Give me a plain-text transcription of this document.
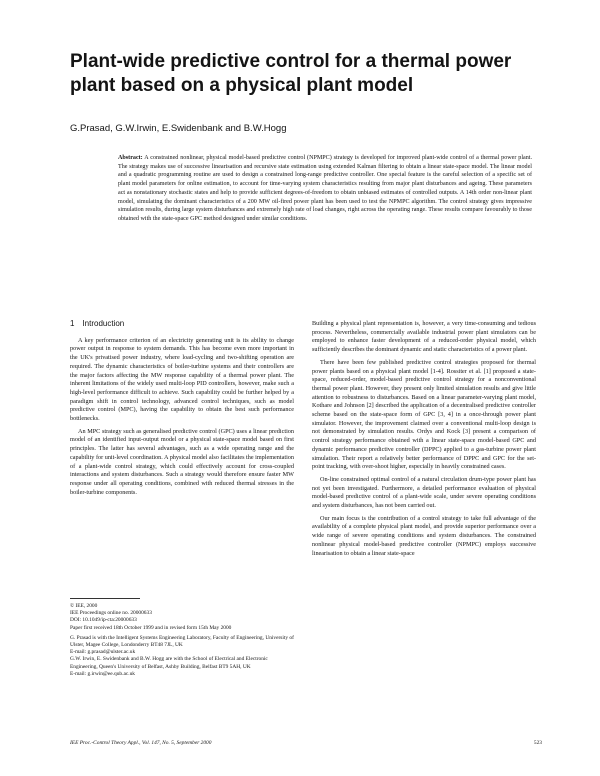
Plant-wide predictive control for a thermal power plant based on a physical plant model
G.Prasad, G.W.Irwin, E.Swidenbank and B.W.Hogg

Abstract: A constrained nonlinear, physical model-based predictive control (NPMPC) strategy is developed for improved plant-wide control of a thermal power plant. The strategy makes use of successive linearisation and recursive state estimation using extended Kalman filtering to obtain a linear state-space model. The linear model and a quadratic programming routine are used to design a constrained long-range predictive controller. One special feature is the careful selection of a specific set of plant model parameters for online estimation, to account for time-varying system characteristics resulting from major plant disturbances and ageing. These parameters act as nonstationary stochastic states and help to provide sufficient degrees-of-freedom to obtain unbiased estimates of controlled outputs. A 14th order non-linear plant model, simulating the dominant characteristics of a 200 MW oil-fired power plant has been used to test the NPMPC algorithm. The control strategy gives impressive simulation results, during large system disturbances and extremely high rate of load changes, right across the operating range. These results compare favourably to those obtained with the state-space GPC method designed under similar conditions.

1 Introduction

A key performance criterion of an electricity generating unit is its ability to change power output in response to system demands. This has become even more important in the UK's privatised power industry, where load-cycling and two-shifting operation are required. The dynamic characteristics of boiler-turbine systems and their controllers are the major factors affecting the MW response capability of a thermal power plant. The inherent limitations of the widely used multi-loop PID controllers, however, make such a high-level performance difficult to achieve. Such capability could be further helped by a paradigm shift in control technology, advanced control techniques, such as model predictive control (MPC), having the capability to obtain the best such performance bottlenecks.

An MPC strategy such as generalised predictive control (GPC) uses a linear prediction model of an identified input-output model or a physical state-space model based on first principles. The latter has several advantages, such as a wide operating range and the capability for unit-level coordination. A physical model also facilitates the implementation of a plant-wide control strategy, which could effectively account for cross-coupled interactions and system disturbances. Such a strategy would therefore ensure faster MW response under all operating conditions, combined with reduced thermal stresses in the boiler-turbine components.

© IEE, 2000
IEE Proceedings online no. 20000633
DOI: 10.1049/ip-cta:20000633
Paper first received 18th October 1999 and in revised form 15th May 2000
G. Prasad is with the Intelligent Systems Engineering Laboratory, Faculty of Engineering, University of Ulster, Magee College, Londonderry BT48 7JL, UK
E-mail: g.prasad@ulster.ac.uk
G.W. Irwin, E. Swidenbank and B.W. Hogg are with the School of Electrical and Electronic Engineering, Queen's University of Belfast, Ashby Building, Belfast BT9 5AH, UK
E-mail: g.irwin@ee.qub.ac.uk

Building a physical plant representation is, however, a very time-consuming and tedious process. Nevertheless, commercially available industrial power plant simulators can be employed to enhance faster development of a reduced-order physical model, which sufficiently describes the dominant dynamic and static characteristics of a power plant.

There have been few published predictive control strategies proposed for thermal power plants based on a physical plant model [1-4]. Rossiter et al. [1] proposed a state-space, reduced-order, model-based predictive control strategy for a nonconventional thermal power plant. However, they present only limited simulation results and give little attention to robustness to disturbances. Based on a linear parameter-varying plant model, Kothare and Johnson [2] described the application of a decentralised predictive controller scheme based on the state-space form of GPC [3, 4] in a once-through power plant simulator. However, the improvement claimed over a conventional multi-loop design is not demonstrated by simulation results. Ordys and Kock [3] present a comparison of control strategy performance obtained with a linear state-space model-based GPC and dynamic performance predictive controller (DPPC) applied to a gas-turbine power plant simulation. Their report a relatively better performance of DPPC and GPC for the set-point tracking, with over-shoot higher, especially in heavily constrained cases.

On-line constrained optimal control of a natural circulation drum-type power plant has not yet been investigated. Furthermore, a detailed performance evaluation of physical model-based predictive control of a plant-wide scale, under severe operating conditions and system disturbances, has not been carried out.

Our main focus is the contribution of a control strategy to take full advantage of the availability of a complete physical plant model, and provide superior performance over a wide range of severe operating conditions and system disturbances. The constrained nonlinear physical model-based predictive controller (NPMPC) employs successive linearisation to obtain a linear state-space

IEE Proc.-Control Theory Appl., Vol. 147, No. 5, September 2000	523
